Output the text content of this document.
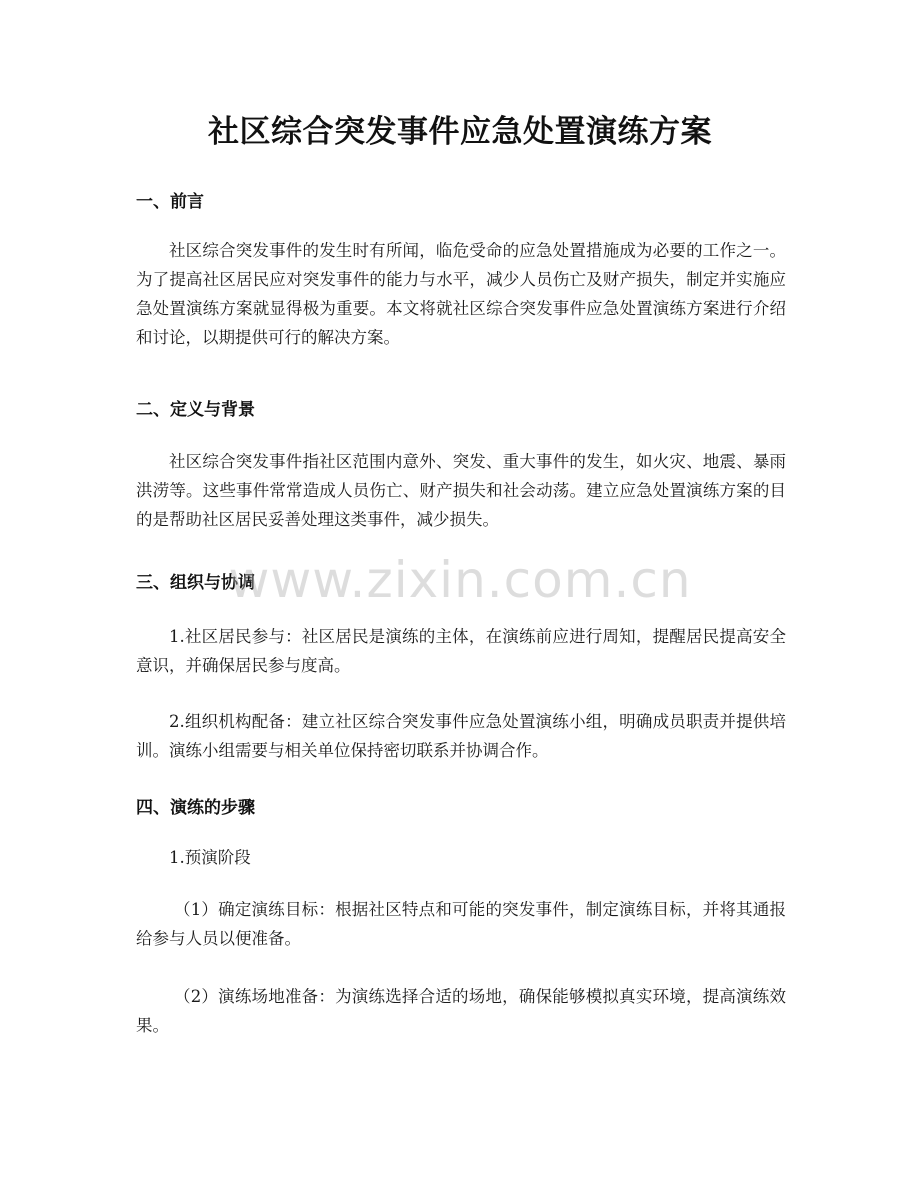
社区综合突发事件应急处置演练方案
一、前言
社区综合突发事件的发生时有所闻，临危受命的应急处置措施成为必要的工作之一。为了提高社区居民应对突发事件的能力与水平，减少人员伤亡及财产损失，制定并实施应急处置演练方案就显得极为重要。本文将就社区综合突发事件应急处置演练方案进行介绍和讨论，以期提供可行的解决方案。
二、定义与背景
社区综合突发事件指社区范围内意外、突发、重大事件的发生，如火灾、地震、暴雨洪涝等。这些事件常常造成人员伤亡、财产损失和社会动荡。建立应急处置演练方案的目的是帮助社区居民妥善处理这类事件，减少损失。
三、组织与协调
1.社区居民参与：社区居民是演练的主体，在演练前应进行周知，提醒居民提高安全意识，并确保居民参与度高。
2.组织机构配备：建立社区综合突发事件应急处置演练小组，明确成员职责并提供培训。演练小组需要与相关单位保持密切联系并协调合作。
四、演练的步骤
1.预演阶段
（1）确定演练目标：根据社区特点和可能的突发事件，制定演练目标，并将其通报给参与人员以便准备。
（2）演练场地准备：为演练选择合适的场地，确保能够模拟真实环境，提高演练效果。
www.zixin.com.cn
